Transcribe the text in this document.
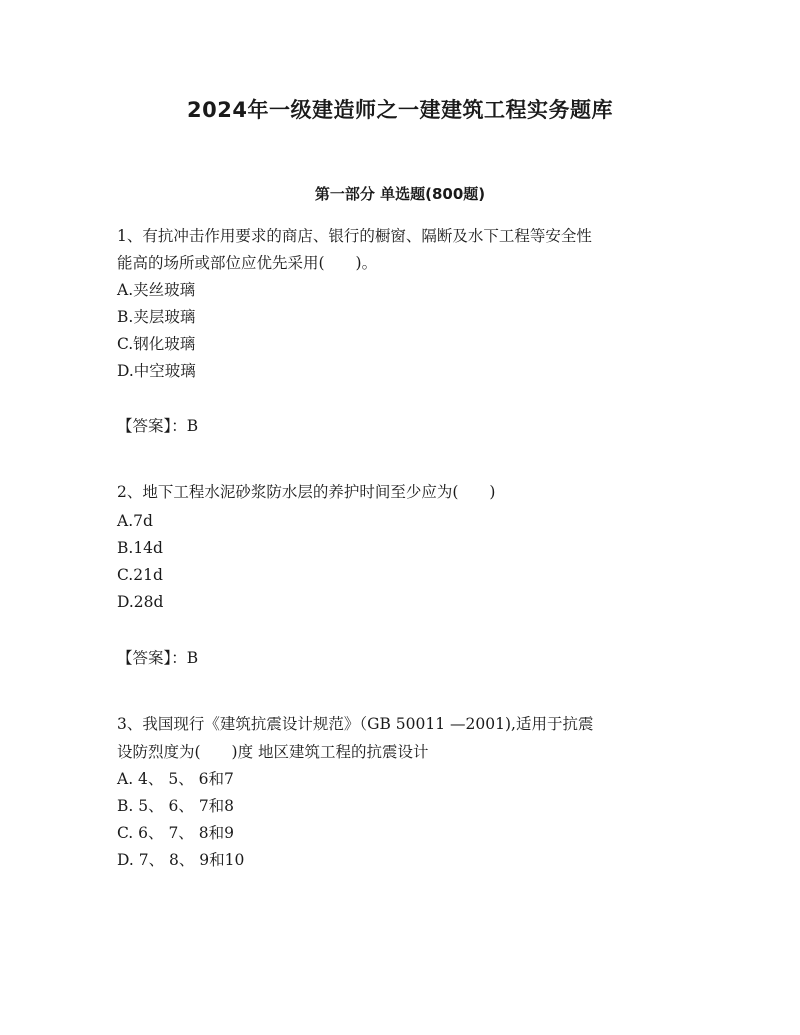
2024年一级建造师之一建建筑工程实务题库
第一部分 单选题(800题)
1、有抗冲击作用要求的商店、银行的橱窗、隔断及水下工程等安全性
能高的场所或部位应优先采用(　　)。
A.夹丝玻璃
B.夹层玻璃
C.钢化玻璃
D.中空玻璃
【答案】：B
2、地下工程水泥砂浆防水层的养护时间至少应为(　　)
A.7d
B.14d
C.21d
D.28d
【答案】：B
3、我国现行《建筑抗震设计规范》（GB 50011 —2001),适用于抗震
设防烈度为(　　)度 地区建筑工程的抗震设计
A. 4、 5、 6和7
B. 5、 6、 7和8
C. 6、 7、 8和9
D. 7、 8、 9和10
